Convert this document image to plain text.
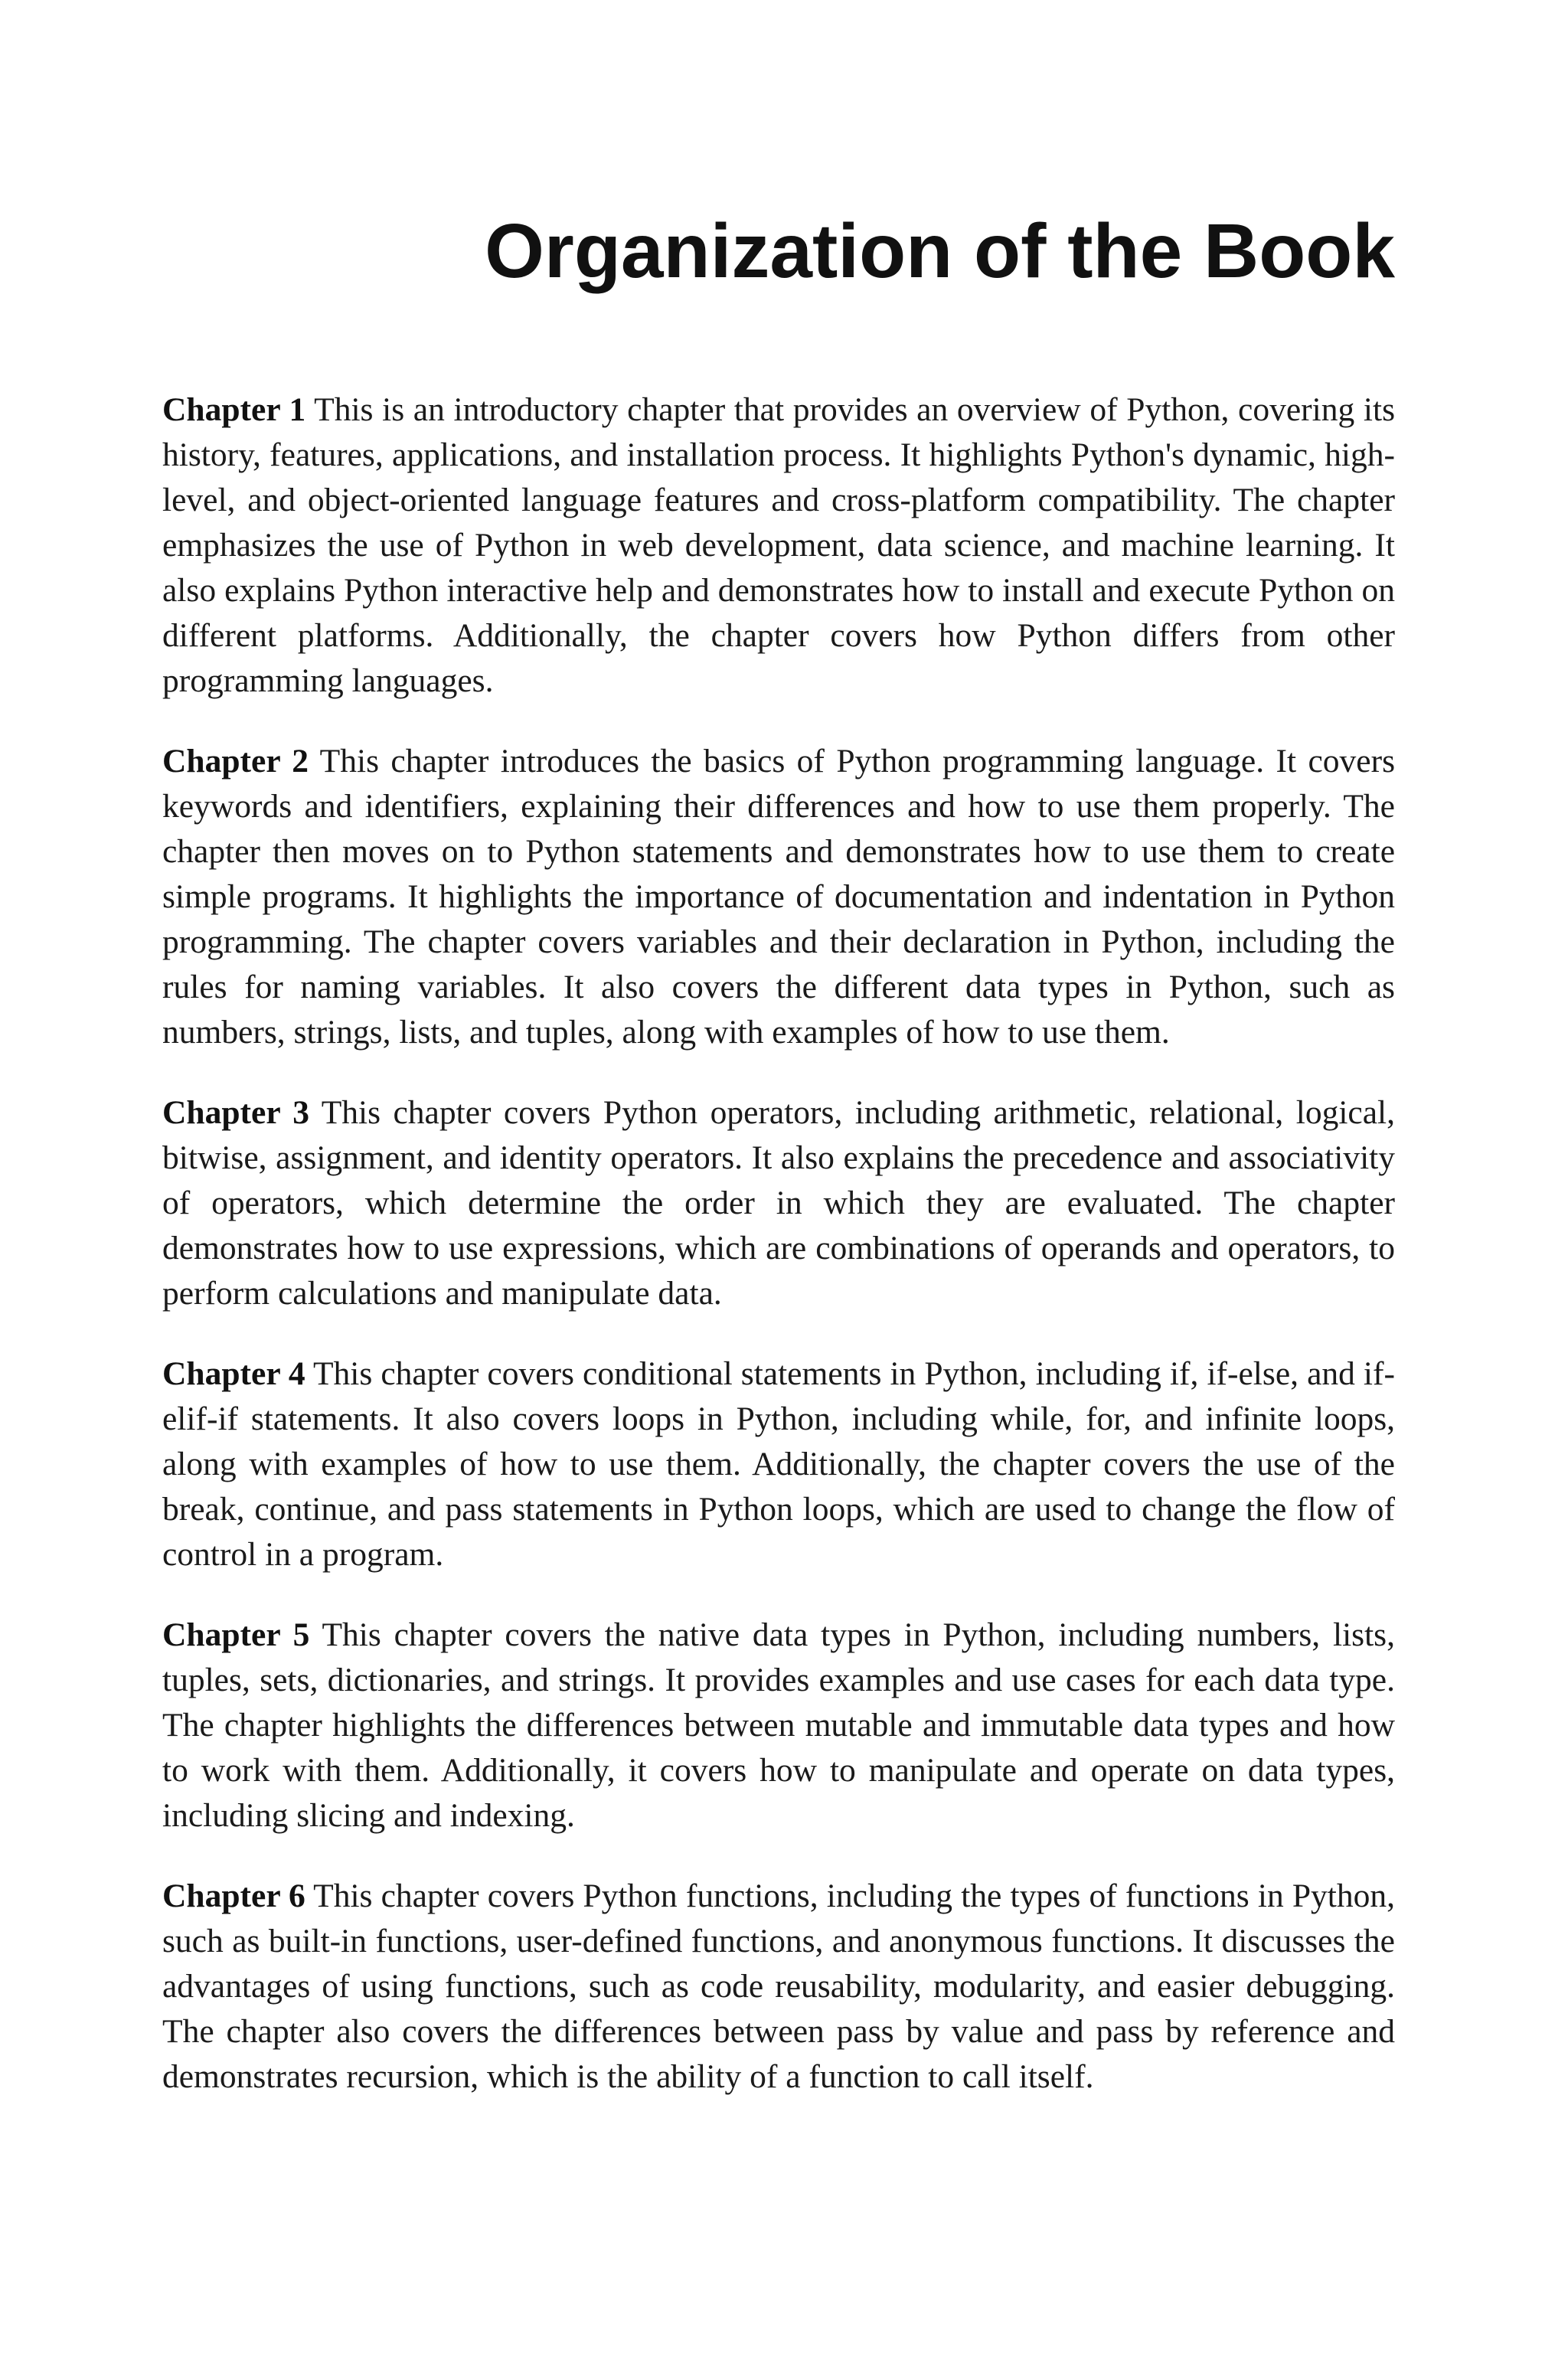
Organization of the Book

Chapter 1 This is an introductory chapter that provides an overview of Python, covering its history, features, applications, and installation process. It highlights Python's dynamic, high-level, and object-oriented language features and cross-platform compatibility. The chapter emphasizes the use of Python in web development, data science, and machine learning. It also explains Python interactive help and demonstrates how to install and execute Python on different platforms. Additionally, the chapter covers how Python differs from other programming languages.

Chapter 2 This chapter introduces the basics of Python programming language. It covers keywords and identifiers, explaining their differences and how to use them properly. The chapter then moves on to Python statements and demonstrates how to use them to create simple programs. It highlights the importance of documentation and indentation in Python programming. The chapter covers variables and their declaration in Python, including the rules for naming variables. It also covers the different data types in Python, such as numbers, strings, lists, and tuples, along with examples of how to use them.

Chapter 3 This chapter covers Python operators, including arithmetic, relational, logical, bitwise, assignment, and identity operators. It also explains the precedence and associativity of operators, which determine the order in which they are evaluated. The chapter demonstrates how to use expressions, which are combinations of operands and operators, to perform calculations and manipulate data.

Chapter 4 This chapter covers conditional statements in Python, including if, if-else, and if-elif-if statements. It also covers loops in Python, including while, for, and infinite loops, along with examples of how to use them. Additionally, the chapter covers the use of the break, continue, and pass statements in Python loops, which are used to change the flow of control in a program.

Chapter 5 This chapter covers the native data types in Python, including numbers, lists, tuples, sets, dictionaries, and strings. It provides examples and use cases for each data type. The chapter highlights the differences between mutable and immutable data types and how to work with them. Additionally, it covers how to manipulate and operate on data types, including slicing and indexing.

Chapter 6 This chapter covers Python functions, including the types of functions in Python, such as built-in functions, user-defined functions, and anonymous functions. It discusses the advantages of using functions, such as code reusability, modularity, and easier debugging. The chapter also covers the differences between pass by value and pass by reference and demonstrates recursion, which is the ability of a function to call itself.
